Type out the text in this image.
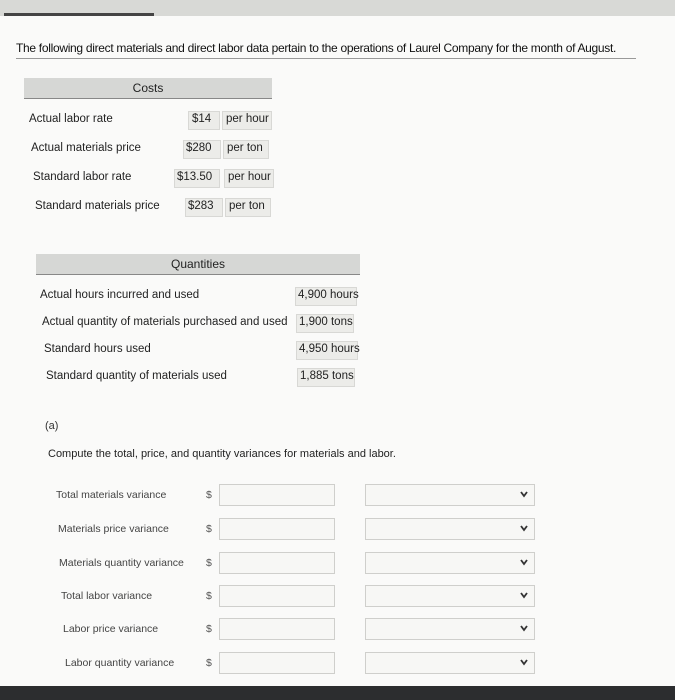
The following direct materials and direct labor data pertain to the operations of Laurel Company for the month of August.
Costs
Actual labor rate	$14 per hour
Actual materials price	$280 per ton
Standard labor rate	$13.50 per hour
Standard materials price $283 per ton
Quantities
Actual hours incurred and used	4,900 hours
Actual quantity of materials purchased and used 1,900 tons
Standard hours used	4,950 hours
Standard quantity of materials used	1,885 tons
(a)
Compute the total, price, and quantity variances for materials and labor.
Total materials variance	$
Materials price variance	$
Materials quantity variance $
Total labor variance	$
Labor price variance	$
Labor quantity variance	$
